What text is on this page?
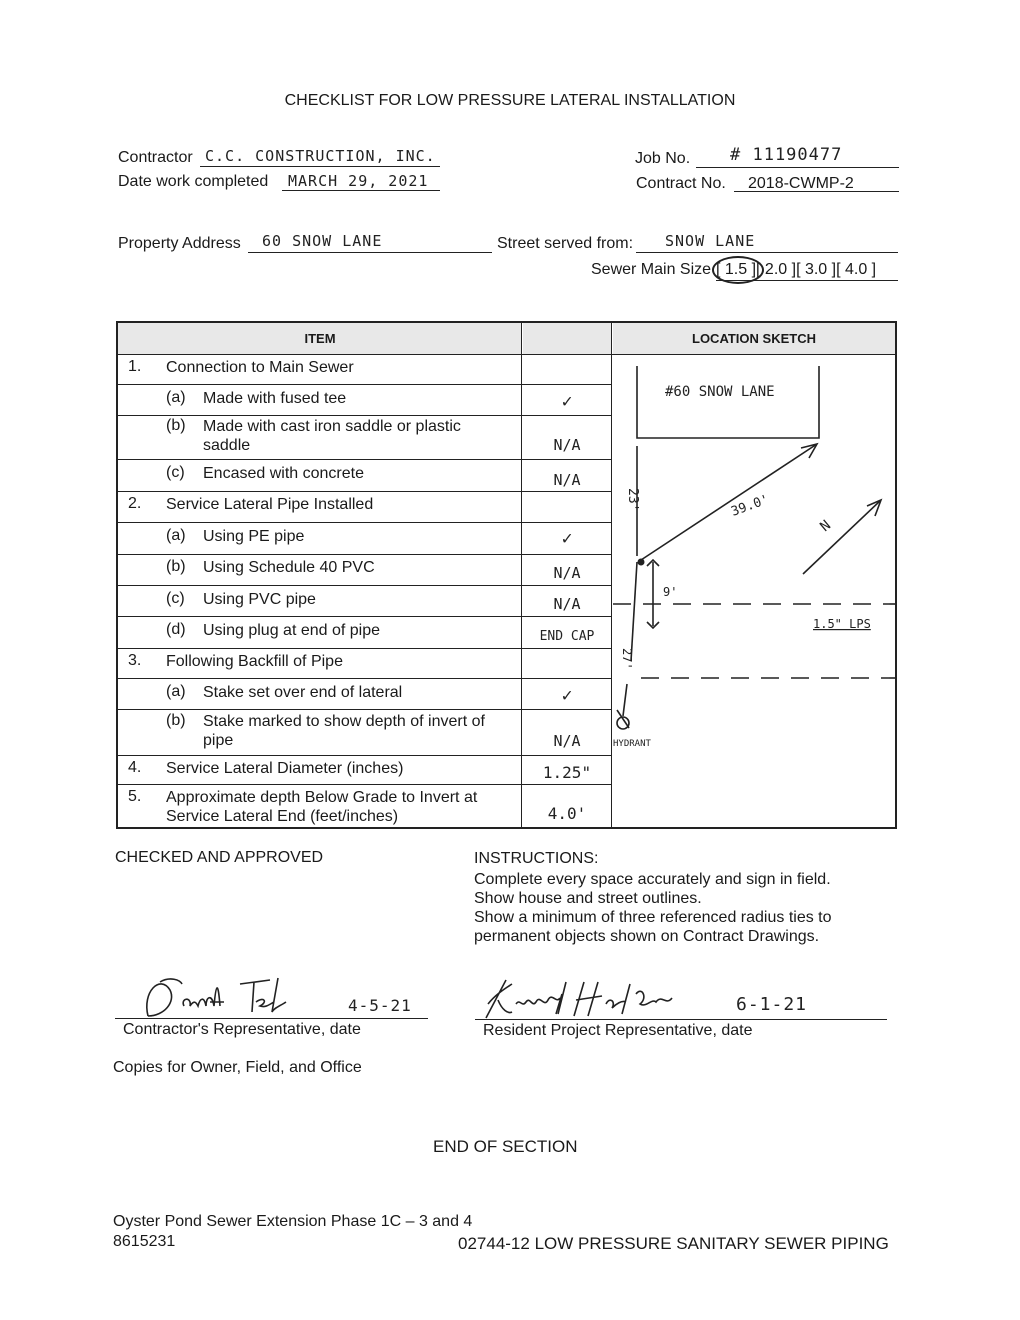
CHECKLIST FOR LOW PRESSURE LATERAL INSTALLATION
Contractor C.C. CONSTRUCTION, INC.
Date work completed MARCH 29, 2021
Job No. # 11190477
Contract No. 2018-CWMP-2
Property Address 60 SNOW LANE	Street served from: SNOW LANE
Sewer Main Size [ 1.5 ][ 2.0 ][ 3.0 ][ 4.0 ]
ITEM	LOCATION SKETCH
1. Connection to Main Sewer
(a) Made with fused tee	✓
(b) Made with cast iron saddle or plastic saddle	N/A
(c) Encased with concrete	N/A
2. Service Lateral Pipe Installed
(a) Using PE pipe	✓
(b) Using Schedule 40 PVC	N/A
(c) Using PVC pipe	N/A
(d) Using plug at end of pipe	END CAP
3. Following Backfill of Pipe
(a) Stake set over end of lateral	✓
(b) Stake marked to show depth of invert of pipe	N/A
4. Service Lateral Diameter (inches)	1.25"
5. Approximate depth Below Grade to Invert at Service Lateral End (feet/inches)	4.0'
#60 SNOW LANE
23'	39.0'
N
9'
1.5" LPS
27'
HYDRANT
CHECKED AND APPROVED	INSTRUCTIONS:
Complete every space accurately and sign in field.
Show house and street outlines.
Show a minimum of three referenced radius ties to
permanent objects shown on Contract Drawings.
4-5-21
Contractor's Representative, date
6-1-21
Resident Project Representative, date
Copies for Owner, Field, and Office
END OF SECTION
Oyster Pond Sewer Extension Phase 1C – 3 and 4
8615231	02744-12 LOW PRESSURE SANITARY SEWER PIPING
